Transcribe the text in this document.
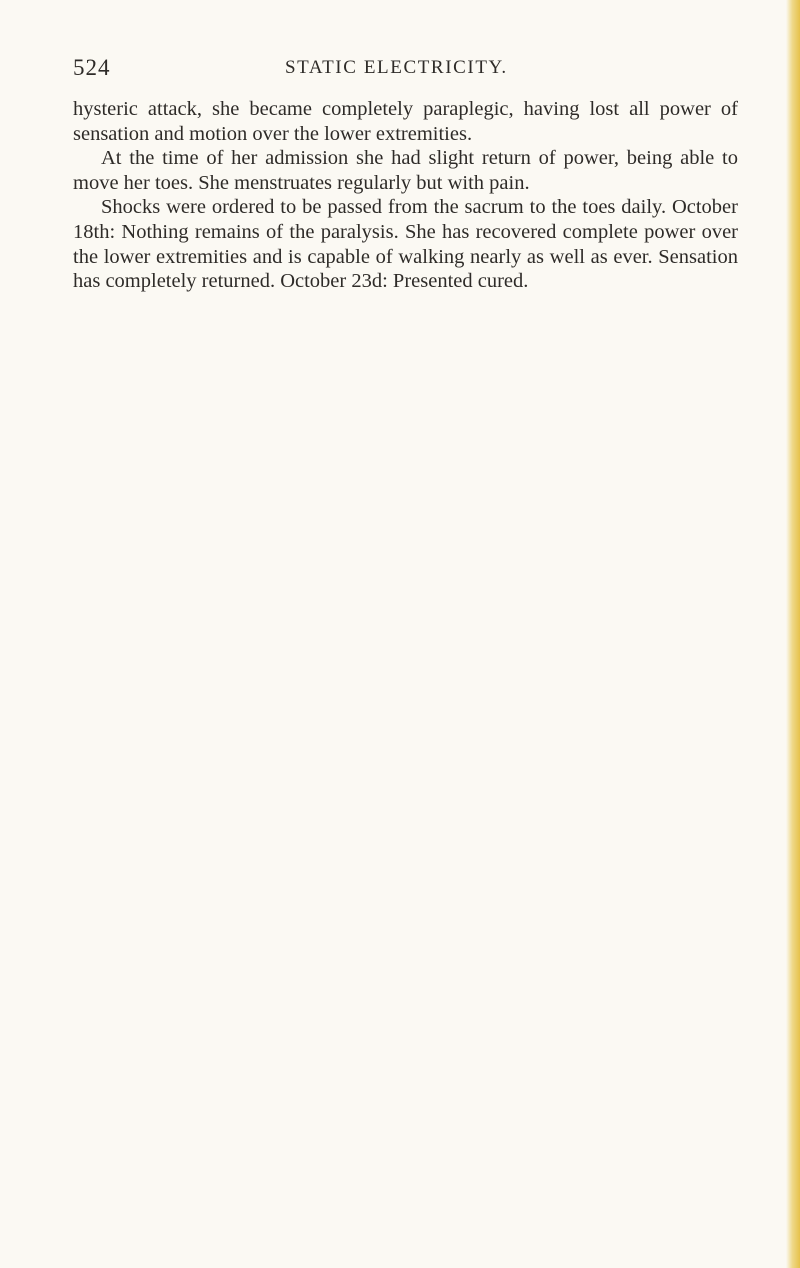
524	STATIC ELECTRICITY.

hysteric attack, she became completely paraplegic, having lost all power of sensation and motion over the lower extremities.

At the time of her admission she had slight return of power, being able to move her toes. She menstruates regularly but with pain.

Shocks were ordered to be passed from the sacrum to the toes daily. October 18th: Nothing remains of the paralysis. She has recovered complete power over the lower extremities and is capable of walking nearly as well as ever. Sensation has completely returned. October 23d: Presented cured.
